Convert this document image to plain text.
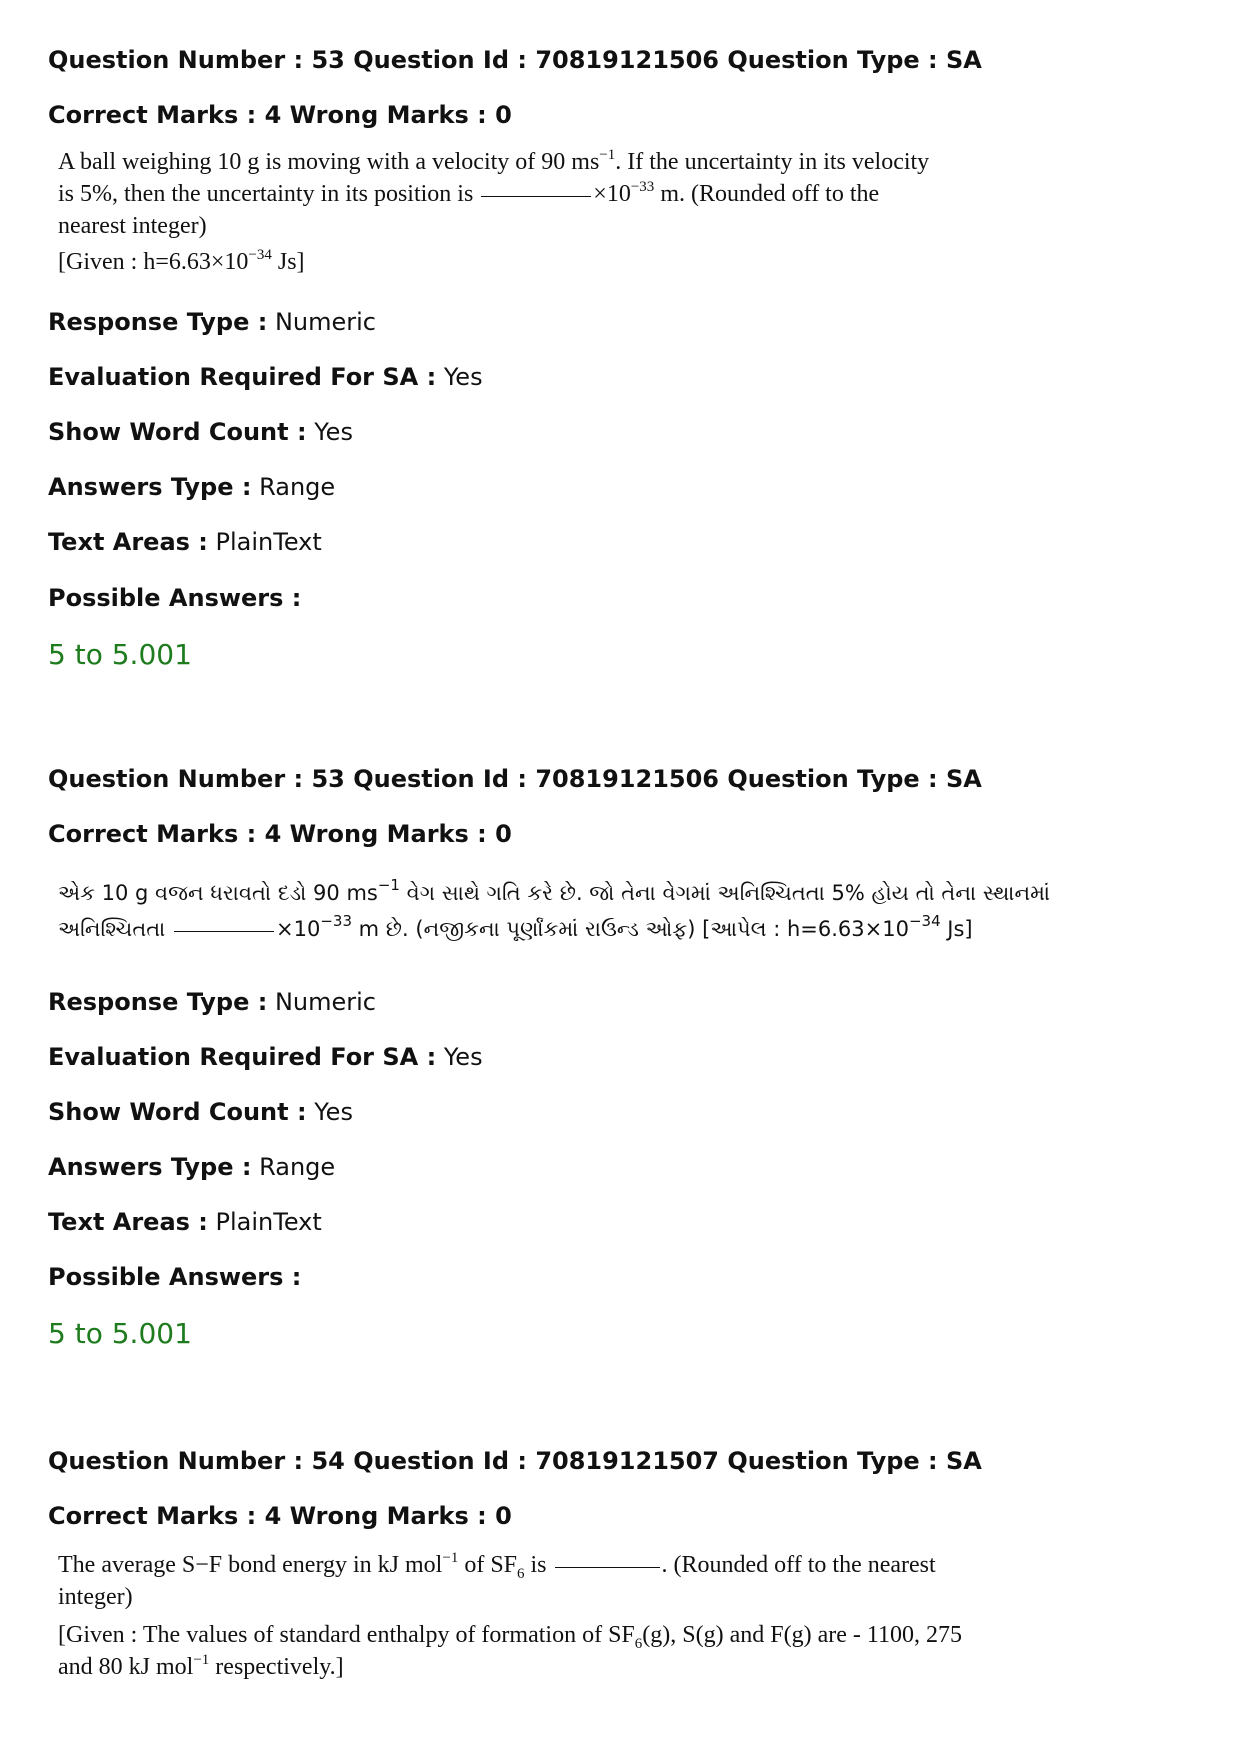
Question Number : 53 Question Id : 70819121506 Question Type : SA
Correct Marks : 4 Wrong Marks : 0
A ball weighing 10 g is moving with a velocity of 90 $ms^{-1}$. If the uncertainty in its velocity
is 5%, then the uncertainty in its position is	$\times 10^{-33}$ m. (Rounded off to the
nearest integer)
[Given : $h=6.63\times 10^{-34}$ Js]
Response Type : Numeric
Evaluation Required For SA : Yes
Show Word Count : Yes
Answers Type : Range
Text Areas : PlainText
Possible Answers :
5 to 5.001
Question Number : 53 Question Id : 70819121506 Question Type : SA
Correct Marks : 4 Wrong Marks : 0
એક 10 g વજન ધરાવતો દડો 90 $ms^{-1}$ વેગ સાથે ગતિ કરે છે. જો તેના વેગમાં અનિશ્ચિતતા 5% હોય તો તેના સ્થાનમાં
અનિશ્ચિતતા	$\times 10^{-33}$ m છે. (નજીકના પૂર્ણાંકમાં રાઉન્ડ ઓફ) [આપેલ : $h=6.63\times 10^{-34}$ Js]
Response Type : Numeric
Evaluation Required For SA : Yes
Show Word Count : Yes
Answers Type : Range
Text Areas : PlainText
Possible Answers :
5 to 5.001
Question Number : 54 Question Id : 70819121507 Question Type : SA
Correct Marks : 4 Wrong Marks : 0
The average S−F bond energy in kJ mol$^{-1}$ of $SF_6$ is	. (Rounded off to the nearest
integer)
[Given : The values of standard enthalpy of formation of $SF_6(g)$, S(g) and F(g) are - 1100, 275
and 80 kJ mol$^{-1}$ respectively.]
